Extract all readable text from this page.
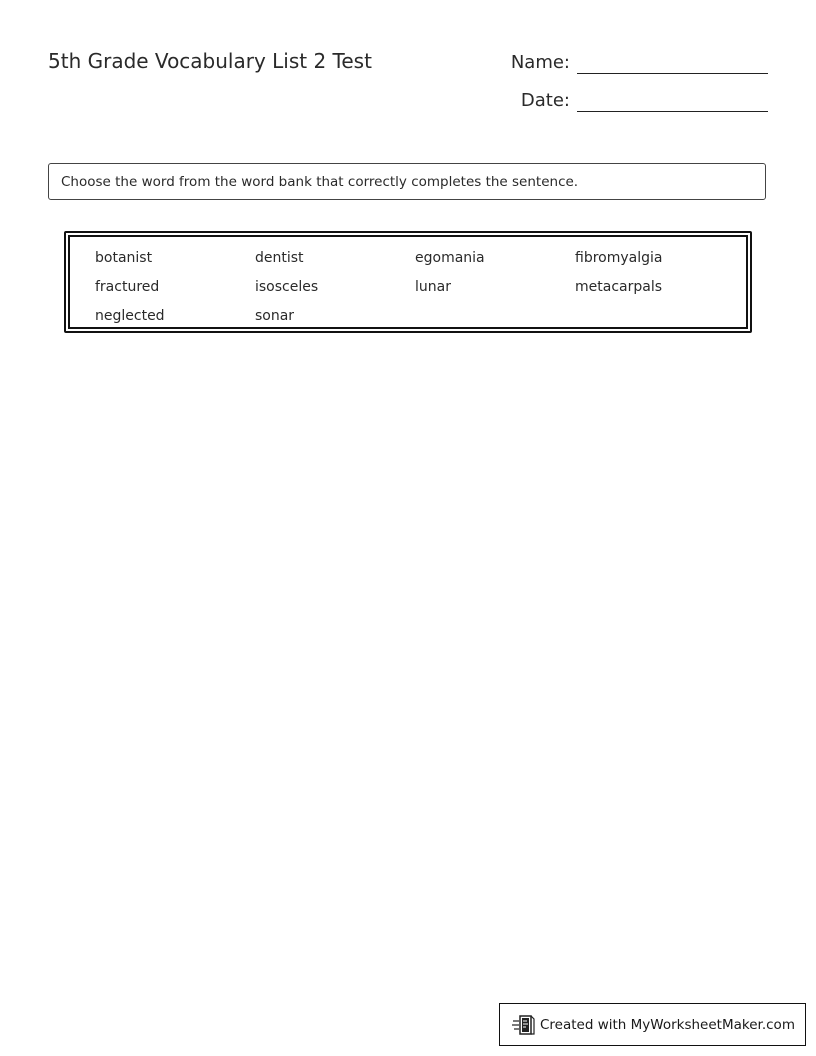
5th Grade Vocabulary List 2 Test	Name:
Date:
Choose the word from the word bank that correctly completes the sentence.
botanist	dentist	egomania	fibromyalgia
fractured	isosceles	lunar	metacarpals
neglected	sonar
Created with MyWorksheetMaker.com
